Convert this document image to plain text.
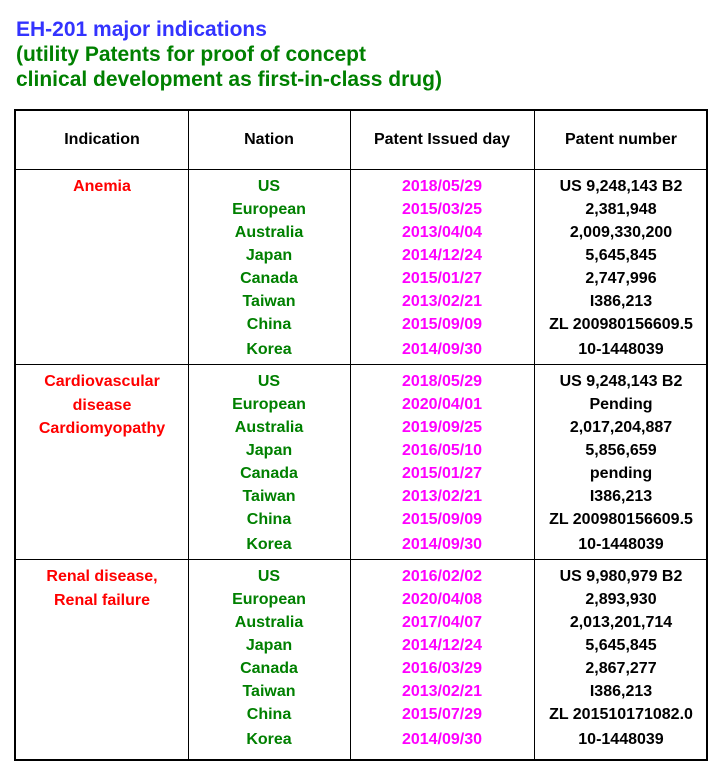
EH-201 major indications
(utility Patents for proof of concept
clinical development as first-in-class drug)
Indication	Nation	Patent Issued day	Patent number
Anemia	US	2018/05/29	US 9,248,143 B2
European	2015/03/25	2,381,948
Australia	2013/04/04	2,009,330,200
Japan	2014/12/24	5,645,845
Canada	2015/01/27	2,747,996
Taiwan	2013/02/21	I386,213
China	2015/09/09	ZL 200980156609.5
Korea	2014/09/30	10-1448039
Cardiovascular
disease
Cardiomyopathy
US	2018/05/29	US 9,248,143 B2
European	2020/04/01	Pending
Australia	2019/09/25	2,017,204,887
Japan	2016/05/10	5,856,659
Canada	2015/01/27	pending
Taiwan	2013/02/21	I386,213
China	2015/09/09	ZL 200980156609.5
Korea	2014/09/30	10-1448039
Renal disease,
Renal failure
US	2016/02/02	US 9,980,979 B2
European	2020/04/08	2,893,930
Australia	2017/04/07	2,013,201,714
Japan	2014/12/24	5,645,845
Canada	2016/03/29	2,867,277
Taiwan	2013/02/21	I386,213
China	2015/07/29	ZL 201510171082.0
Korea	2014/09/30	10-1448039
